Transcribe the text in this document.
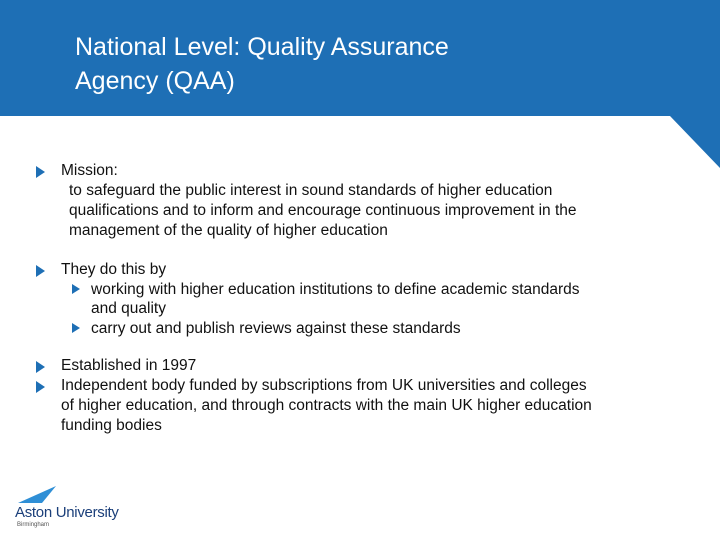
National Level: Quality Assurance
Agency (QAA)
Mission:
to safeguard the public interest in sound standards of higher education
qualifications and to inform and encourage continuous improvement in the
management of the quality of higher education
They do this by
working with higher education institutions to define academic standards
and quality
carry out and publish reviews against these standards
Established in 1997
Independent body funded by subscriptions from UK universities and colleges
of higher education, and through contracts with the main UK higher education
funding bodies
Aston University
Birmingham
